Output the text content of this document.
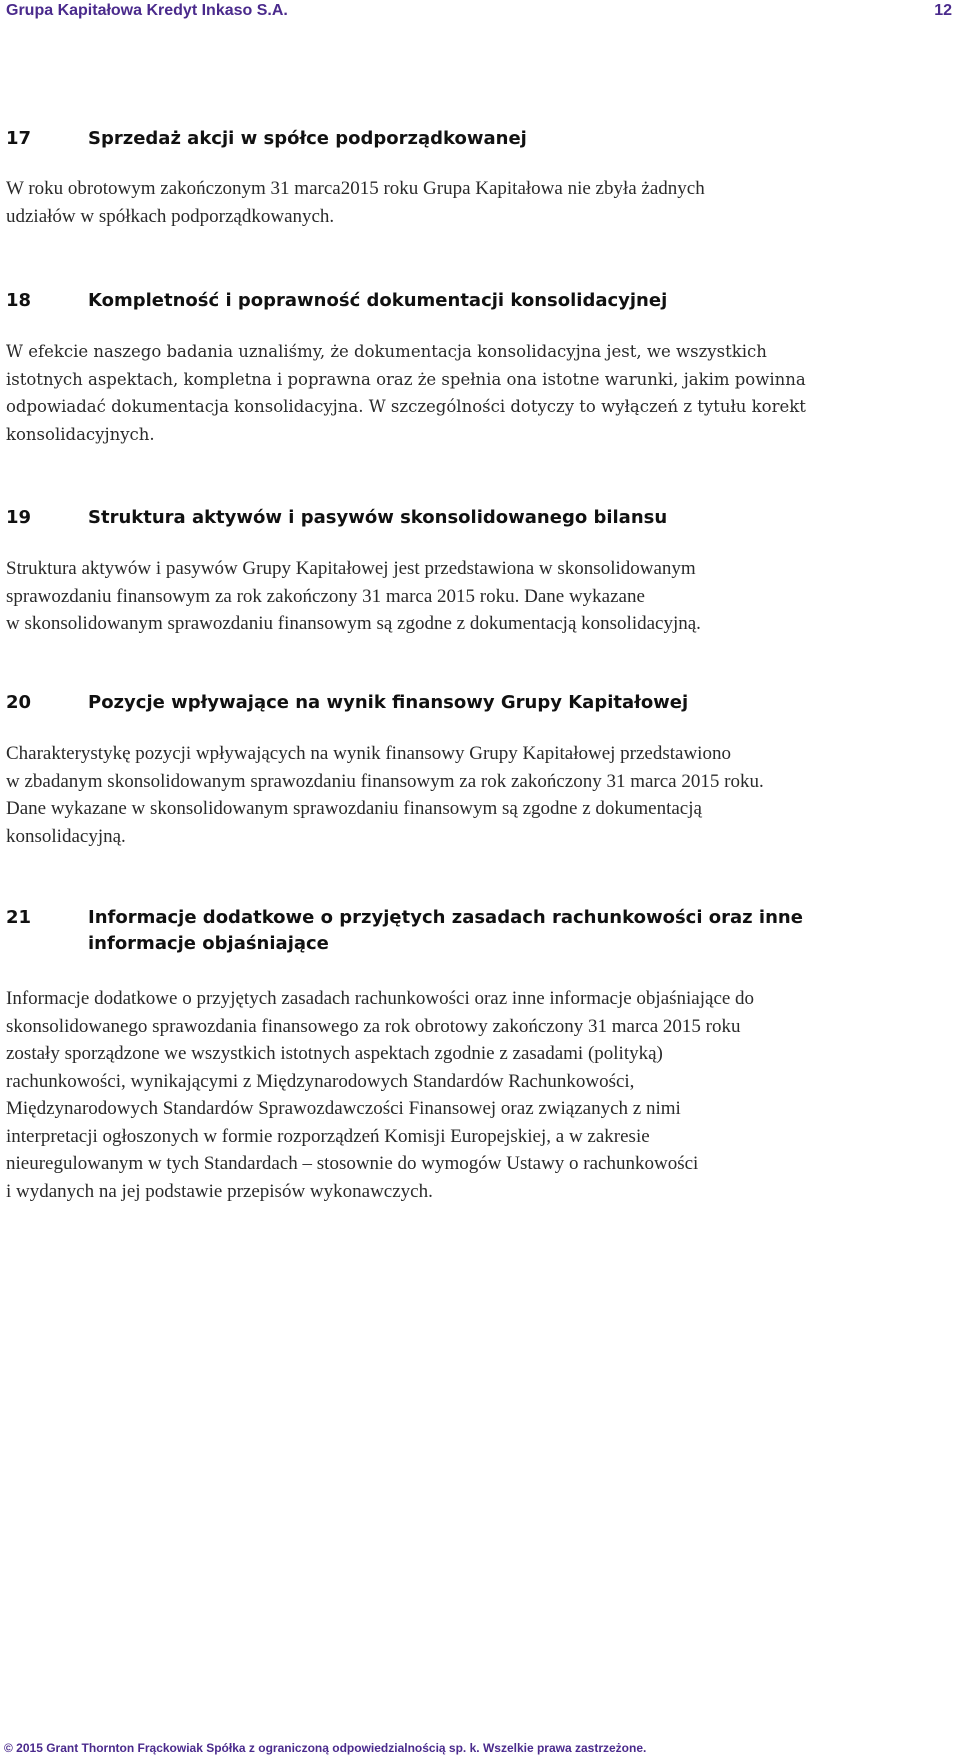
Grupa Kapitałowa Kredyt Inkaso S.A.	12
17	Sprzedaż akcji w spółce podporządkowanej
W roku obrotowym zakończonym 31 marca2015 roku Grupa Kapitałowa nie zbyła żadnych
udziałów w spółkach podporządkowanych.
18	Kompletność i poprawność dokumentacji konsolidacyjnej
W efekcie naszego badania uznaliśmy, że dokumentacja konsolidacyjna jest, we wszystkich
istotnych aspektach, kompletna i poprawna oraz że spełnia ona istotne warunki, jakim powinna
odpowiadać dokumentacja konsolidacyjna. W szczególności dotyczy to wyłączeń z tytułu korekt
konsolidacyjnych.
19	Struktura aktywów i pasywów skonsolidowanego bilansu
Struktura aktywów i pasywów Grupy Kapitałowej jest przedstawiona w skonsolidowanym
sprawozdaniu finansowym za rok zakończony 31 marca 2015 roku. Dane wykazane
w skonsolidowanym sprawozdaniu finansowym są zgodne z dokumentacją konsolidacyjną.
20	Pozycje wpływające na wynik finansowy Grupy Kapitałowej
Charakterystykę pozycji wpływających na wynik finansowy Grupy Kapitałowej przedstawiono
w zbadanym skonsolidowanym sprawozdaniu finansowym za rok zakończony 31 marca 2015 roku.
Dane wykazane w skonsolidowanym sprawozdaniu finansowym są zgodne z dokumentacją
konsolidacyjną.
21	Informacje dodatkowe o przyjętych zasadach rachunkowości oraz inne
informacje objaśniające
Informacje dodatkowe o przyjętych zasadach rachunkowości oraz inne informacje objaśniające do
skonsolidowanego sprawozdania finansowego za rok obrotowy zakończony 31 marca 2015 roku
zostały sporządzone we wszystkich istotnych aspektach zgodnie z zasadami (polityką)
rachunkowości, wynikającymi z Międzynarodowych Standardów Rachunkowości,
Międzynarodowych Standardów Sprawozdawczości Finansowej oraz związanych z nimi
interpretacji ogłoszonych w formie rozporządzeń Komisji Europejskiej, a w zakresie
nieuregulowanym w tych Standardach – stosownie do wymogów Ustawy o rachunkowości
i wydanych na jej podstawie przepisów wykonawczych.
© 2015 Grant Thornton Frąckowiak Spółka z ograniczoną odpowiedzialnością sp. k. Wszelkie prawa zastrzeżone.
